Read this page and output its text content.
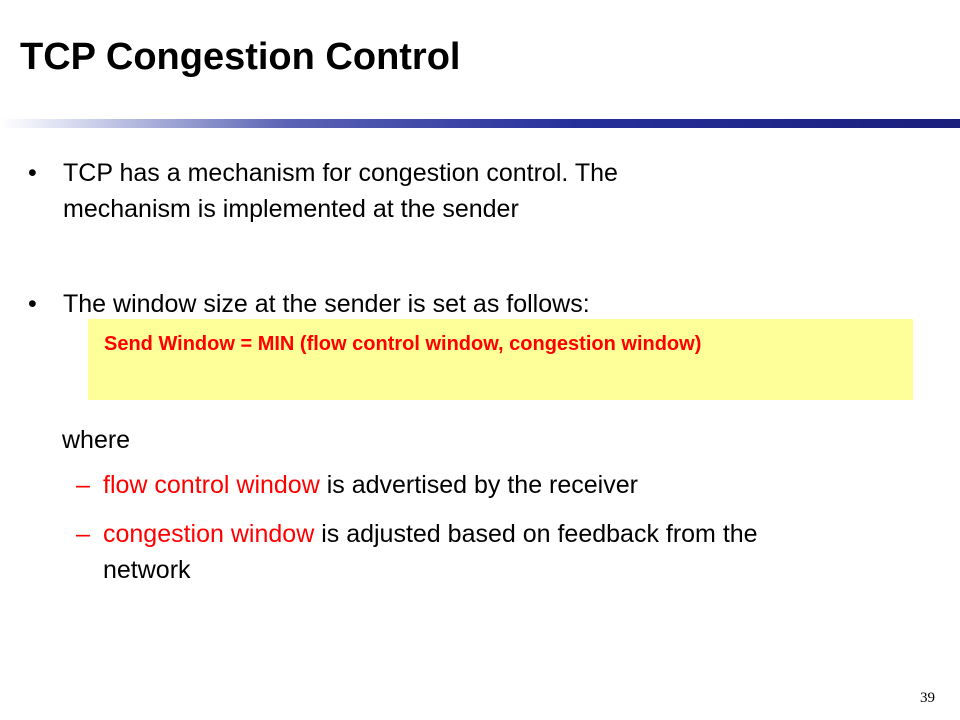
TCP Congestion Control
• TCP has a mechanism for congestion control. The
mechanism is implemented at the sender
• The window size at the sender is set as follows:
Send Window = MIN (flow control window, congestion window)
where
– flow control window is advertised by the receiver
– congestion window is adjusted based on feedback from the
network
39
